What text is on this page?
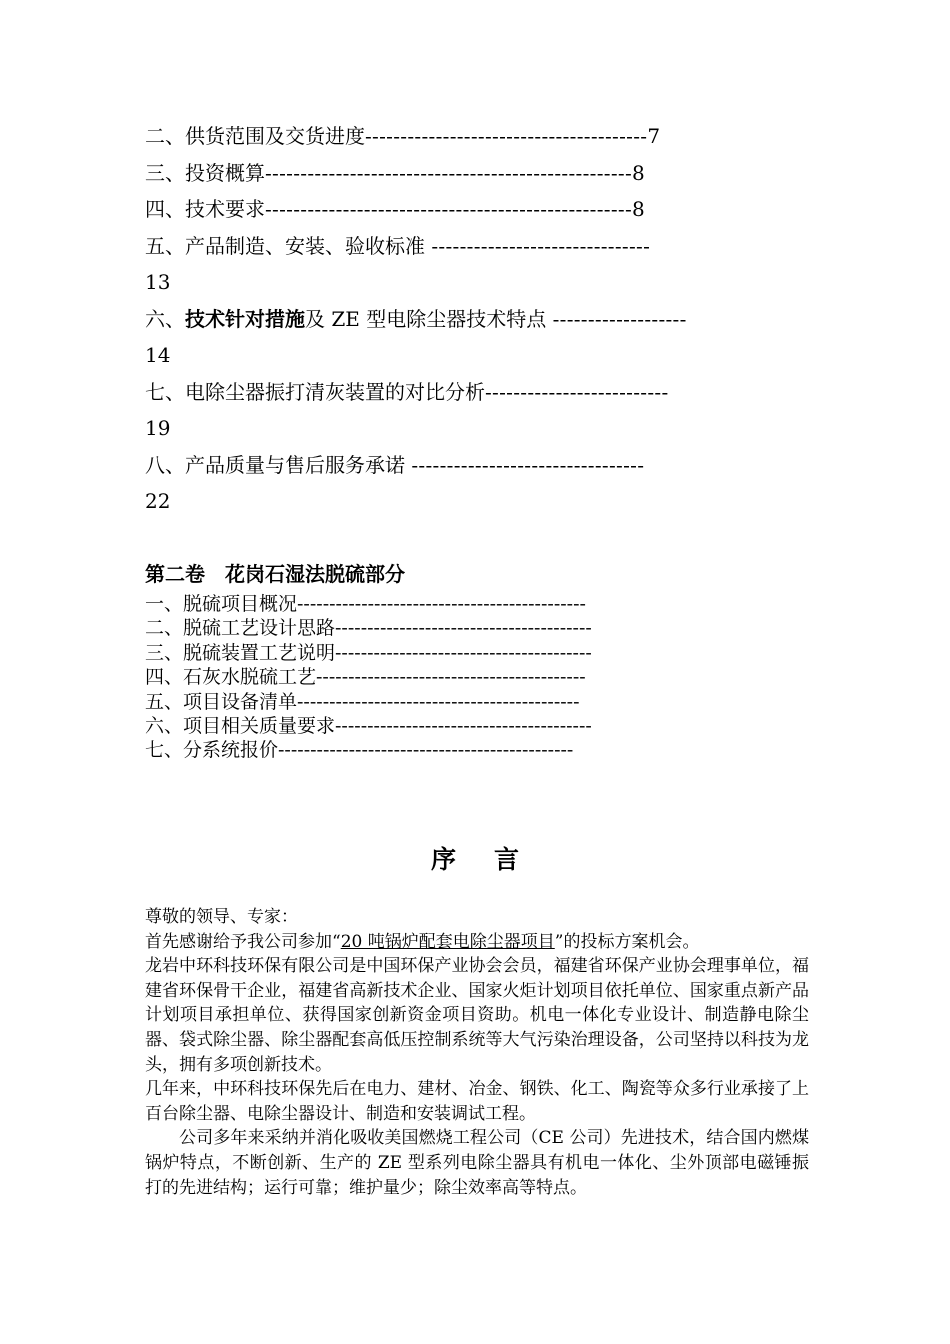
二、供货范围及交货进度----------------------------------------7
三、投资概算----------------------------------------------------8
四、技术要求----------------------------------------------------8
五、产品制造、安装、验收标准 -------------------------------
13
六、技术针对措施及 ZE 型电除尘器技术特点 -------------------
14
七、电除尘器振打清灰装置的对比分析--------------------------
19
八、产品质量与售后服务承诺 ---------------------------------
22
第二卷　花岗石湿法脱硫部分
一、脱硫项目概况---------------------------------------------
二、脱硫工艺设计思路----------------------------------------
三、脱硫装置工艺说明----------------------------------------
四、石灰水脱硫工艺------------------------------------------
五、项目设备清单--------------------------------------------
六、项目相关质量要求----------------------------------------
七、分系统报价----------------------------------------------
序言

尊敬的领导、专家：

首先感谢给予我公司参加“20 吨锅炉配套电除尘器项目”的投标方案机会。

龙岩中环科技环保有限公司是中国环保产业协会会员，福建省环保产业协会理事单位，福建省环保骨干企业，福建省高新技术企业、国家火炬计划项目依托单位、国家重点新产品计划项目承担单位、获得国家创新资金项目资助。机电一体化专业设计、制造静电除尘器、袋式除尘器、除尘器配套高低压控制系统等大气污染治理设备，公司坚持以科技为龙头，拥有多项创新技术。

几年来，中环科技环保先后在电力、建材、冶金、钢铁、化工、陶瓷等众多行业承接了上百台除尘器、电除尘器设计、制造和安装调试工程。

公司多年来采纳并消化吸收美国燃烧工程公司（CE 公司）先进技术，结合国内燃煤锅炉特点，不断创新、生产的 ZE 型系列电除尘器具有机电一体化、尘外顶部电磁锤振打的先进结构；运行可靠；维护量少；除尘效率高等特点。
